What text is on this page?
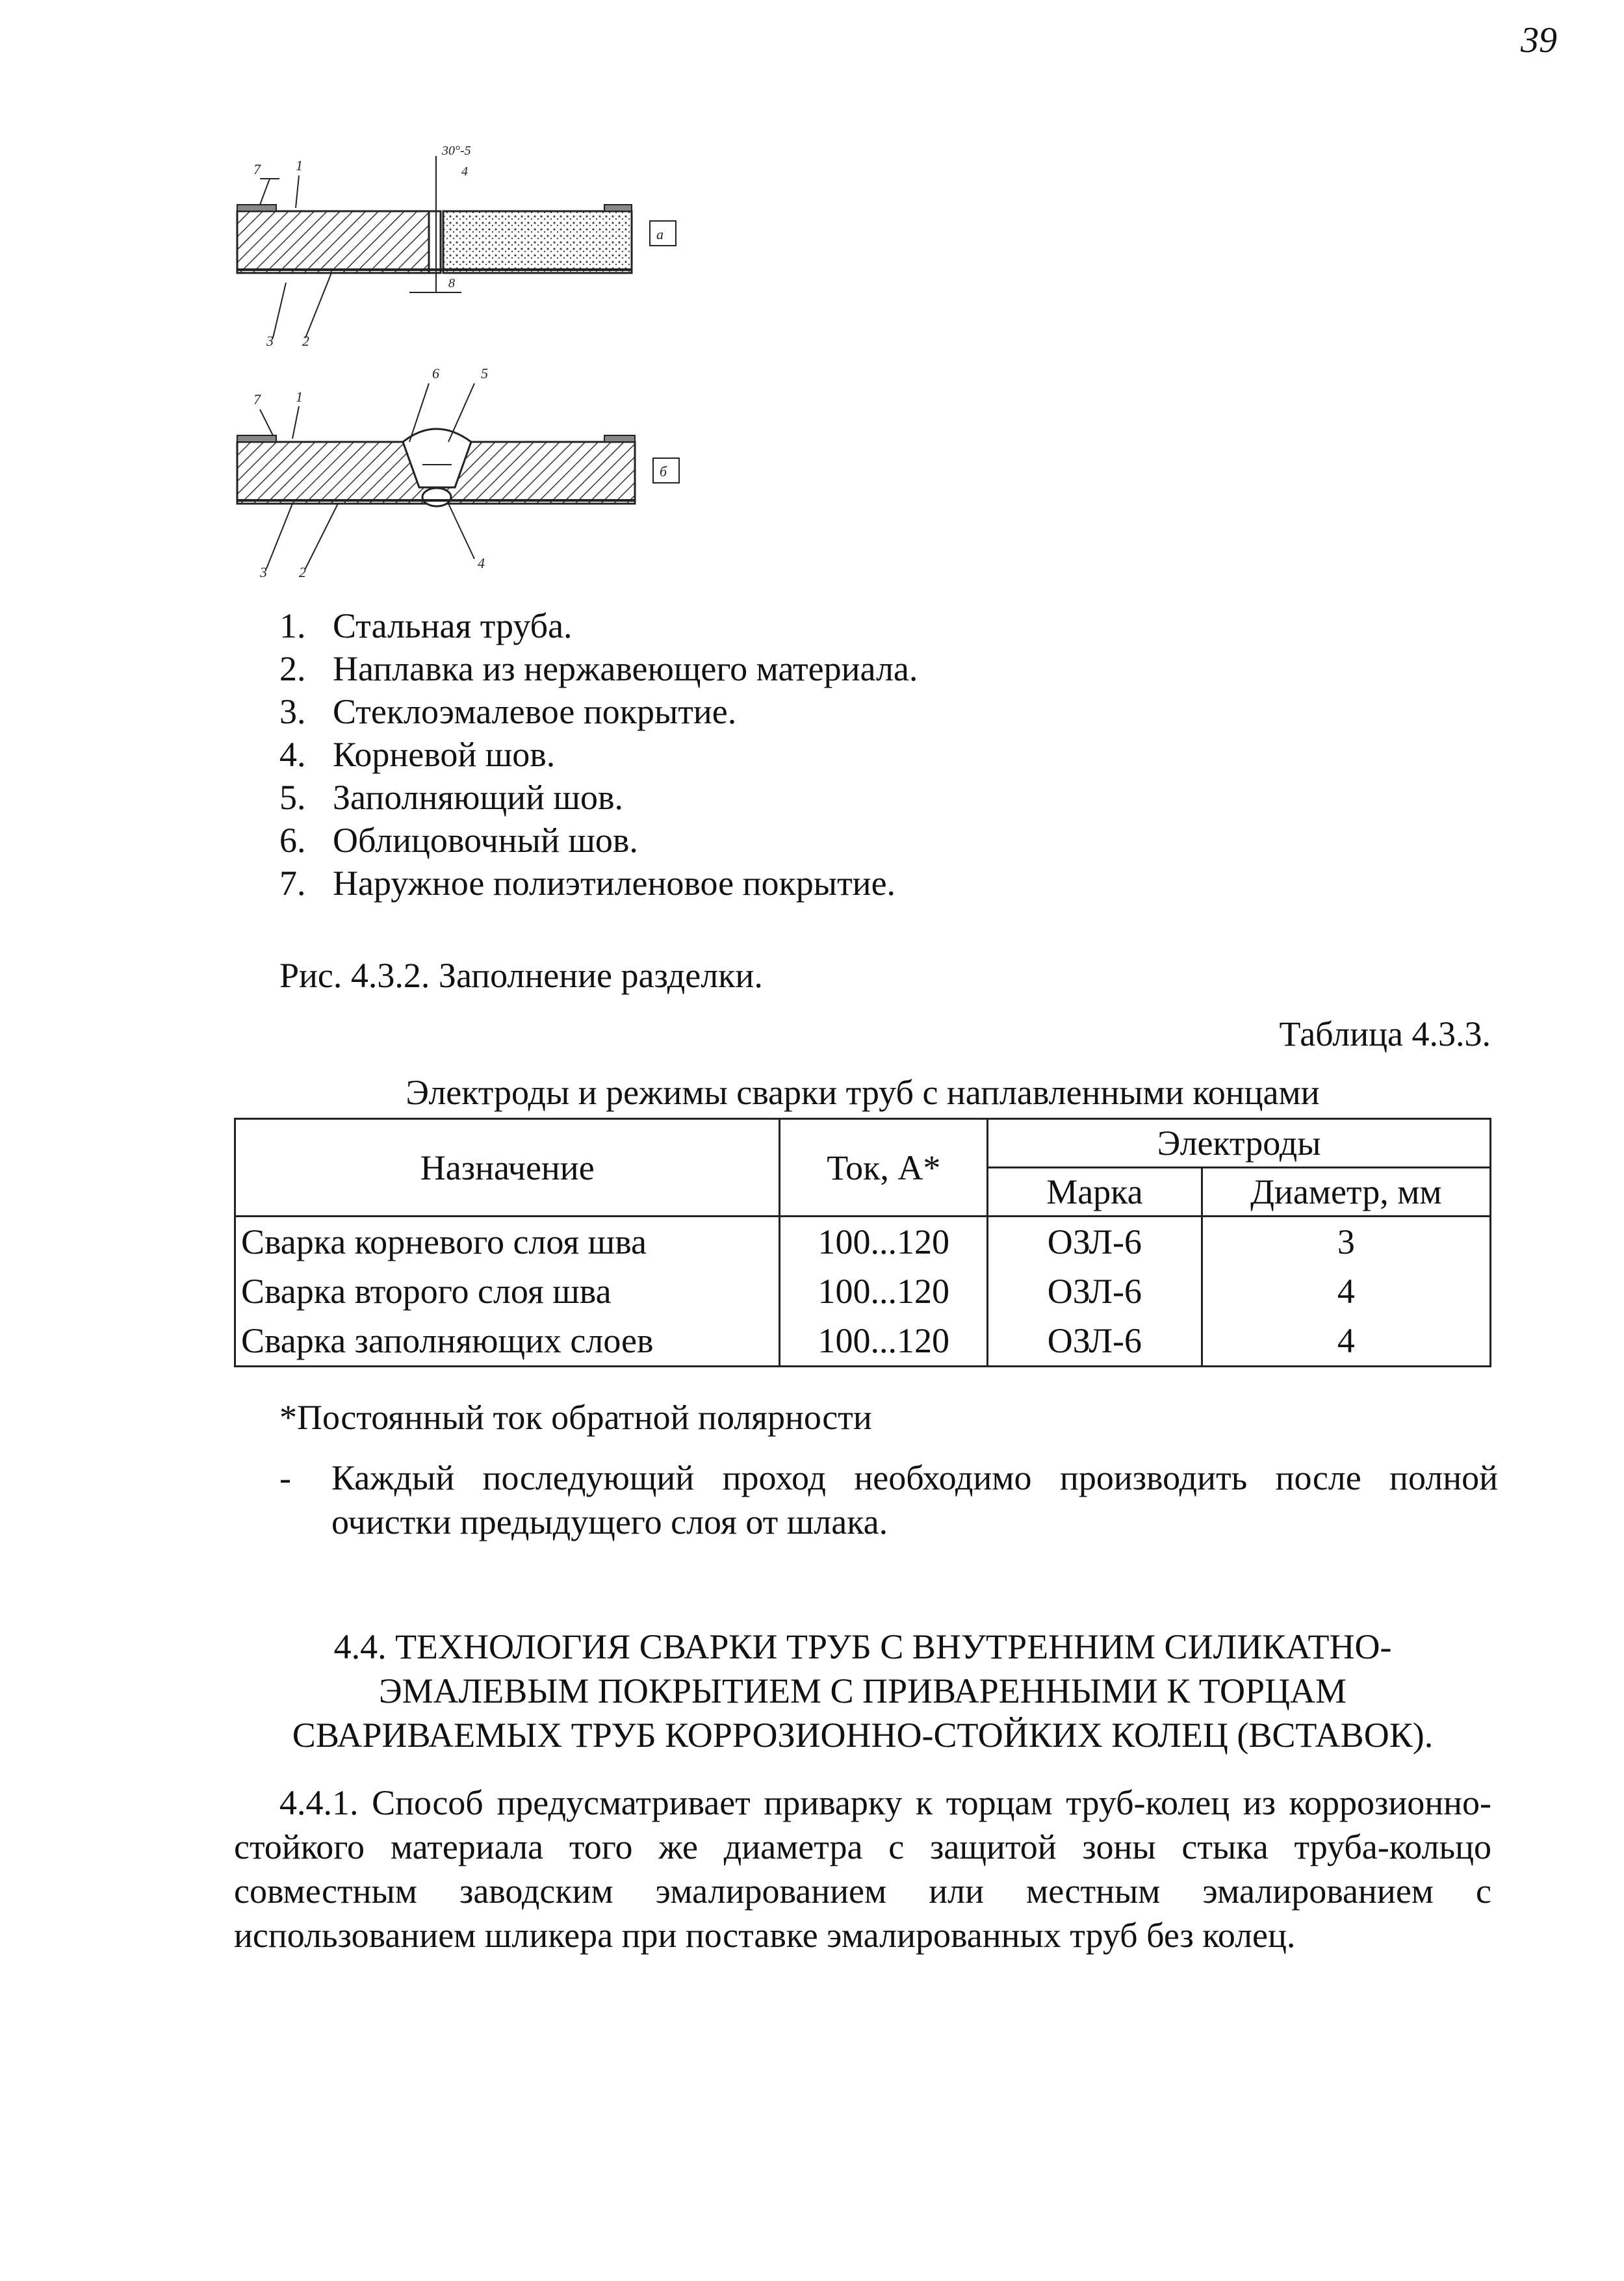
39
7 1
30°-5
4
а
3 2
8
7 1
6	5
б
3 2
4
1. Стальная труба.
2. Наплавка из нержавеющего материала.
3. Стеклоэмалевое покрытие.
4. Корневой шов.
5. Заполняющий шов.
6. Облицовочный шов.
7. Наружное полиэтиленовое покрытие.
Рис. 4.3.2. Заполнение разделки.
Таблица 4.3.3.
Электроды и режимы сварки труб с наплавленными концами
Назначение	Ток, А*	Электроды	
		Марка	Диаметр, мм
Сварка корневого слоя шва	100...120	ОЗЛ-6	3
Сварка второго слоя шва	100...120	ОЗЛ-6	4
Сварка заполняющих слоев	100...120	ОЗЛ-6	4
*Постоянный ток обратной полярности
- Каждый последующий проход необходимо производить после полной очистки предыдущего слоя от шлака.
4.4. ТЕХНОЛОГИЯ СВАРКИ ТРУБ С ВНУТРЕННИМ СИЛИКАТНО-
ЭМАЛЕВЫМ ПОКРЫТИЕМ С ПРИВАРЕННЫМИ К ТОРЦАМ
СВАРИВАЕМЫХ ТРУБ КОРРОЗИОННО-СТОЙКИХ КОЛЕЦ (ВСТАВОК).

4.4.1. Способ предусматривает приварку к торцам труб-колец из коррозионно-стойкого материала того же диаметра с защитой зоны стыка труба-кольцо совместным заводским эмалированием или местным эмалированием с использованием шликера при поставке эмалированных труб без колец.
